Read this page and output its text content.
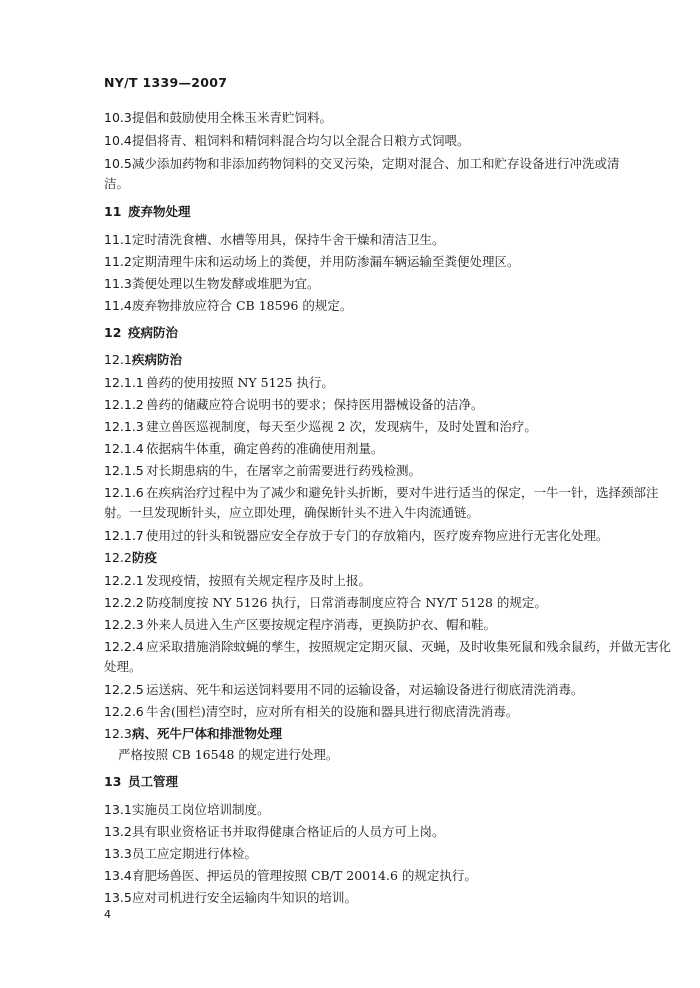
NY/T 1339—2007
10.3提倡和鼓励使用全株玉米青贮饲料。
10.4提倡将青、粗饲料和精饲料混合均匀以全混合日粮方式饲喂。
10.5减少添加药物和非添加药物饲料的交叉污染，定期对混合、加工和贮存设备进行冲洗或清
洁。
11 废弃物处理
11.1定时清洗食槽、水槽等用具，保持牛舍干燥和清洁卫生。
11.2定期清理牛床和运动场上的粪便，并用防渗漏车辆运输至粪便处理区。
11.3粪便处理以生物发酵或堆肥为宜。
11.4废弃物排放应符合 CB 18596 的规定。
12 疫病防治
12.1疾病防治
12.1.1 兽药的使用按照 NY 5125 执行。
12.1.2 兽药的储藏应符合说明书的要求；保持医用器械设备的洁净。
12.1.3 建立兽医巡视制度，每天至少巡视 2 次，发现病牛，及时处置和治疗。
12.1.4 依据病牛体重，确定兽药的准确使用剂量。
12.1.5 对长期患病的牛，在屠宰之前需要进行药残检测。
12.1.6 在疾病治疗过程中为了减少和避免针头折断，要对牛进行适当的保定，一牛一针，选择颈部注
射。一旦发现断针头，应立即处理，确保断针头不进入牛肉流通链。
12.1.7 使用过的针头和锐器应安全存放于专门的存放箱内，医疗废弃物应进行无害化处理。
12.2防疫
12.2.1 发现疫情，按照有关规定程序及时上报。
12.2.2 防疫制度按 NY 5126 执行，日常消毒制度应符合 NY/T 5128 的规定。
12.2.3 外来人员进入生产区要按规定程序消毒，更换防护衣、帽和鞋。
12.2.4 应采取措施消除蚊蝇的孳生，按照规定定期灭鼠、灭蝇，及时收集死鼠和残余鼠药，并做无害化
处理。
12.2.5 运送病、死牛和运送饲料要用不同的运输设备，对运输设备进行彻底清洗消毒。
12.2.6 牛舍(围栏)清空时，应对所有相关的设施和器具进行彻底清洗消毒。
12.3病、死牛尸体和排泄物处理
严格按照 CB 16548 的规定进行处理。
13 员工管理
13.1实施员工岗位培训制度。
13.2具有职业资格证书并取得健康合格证后的人员方可上岗。
13.3员工应定期进行体检。
13.4育肥场兽医、押运员的管理按照 CB/T 20014.6 的规定执行。
13.5应对司机进行安全运输肉牛知识的培训。
4
